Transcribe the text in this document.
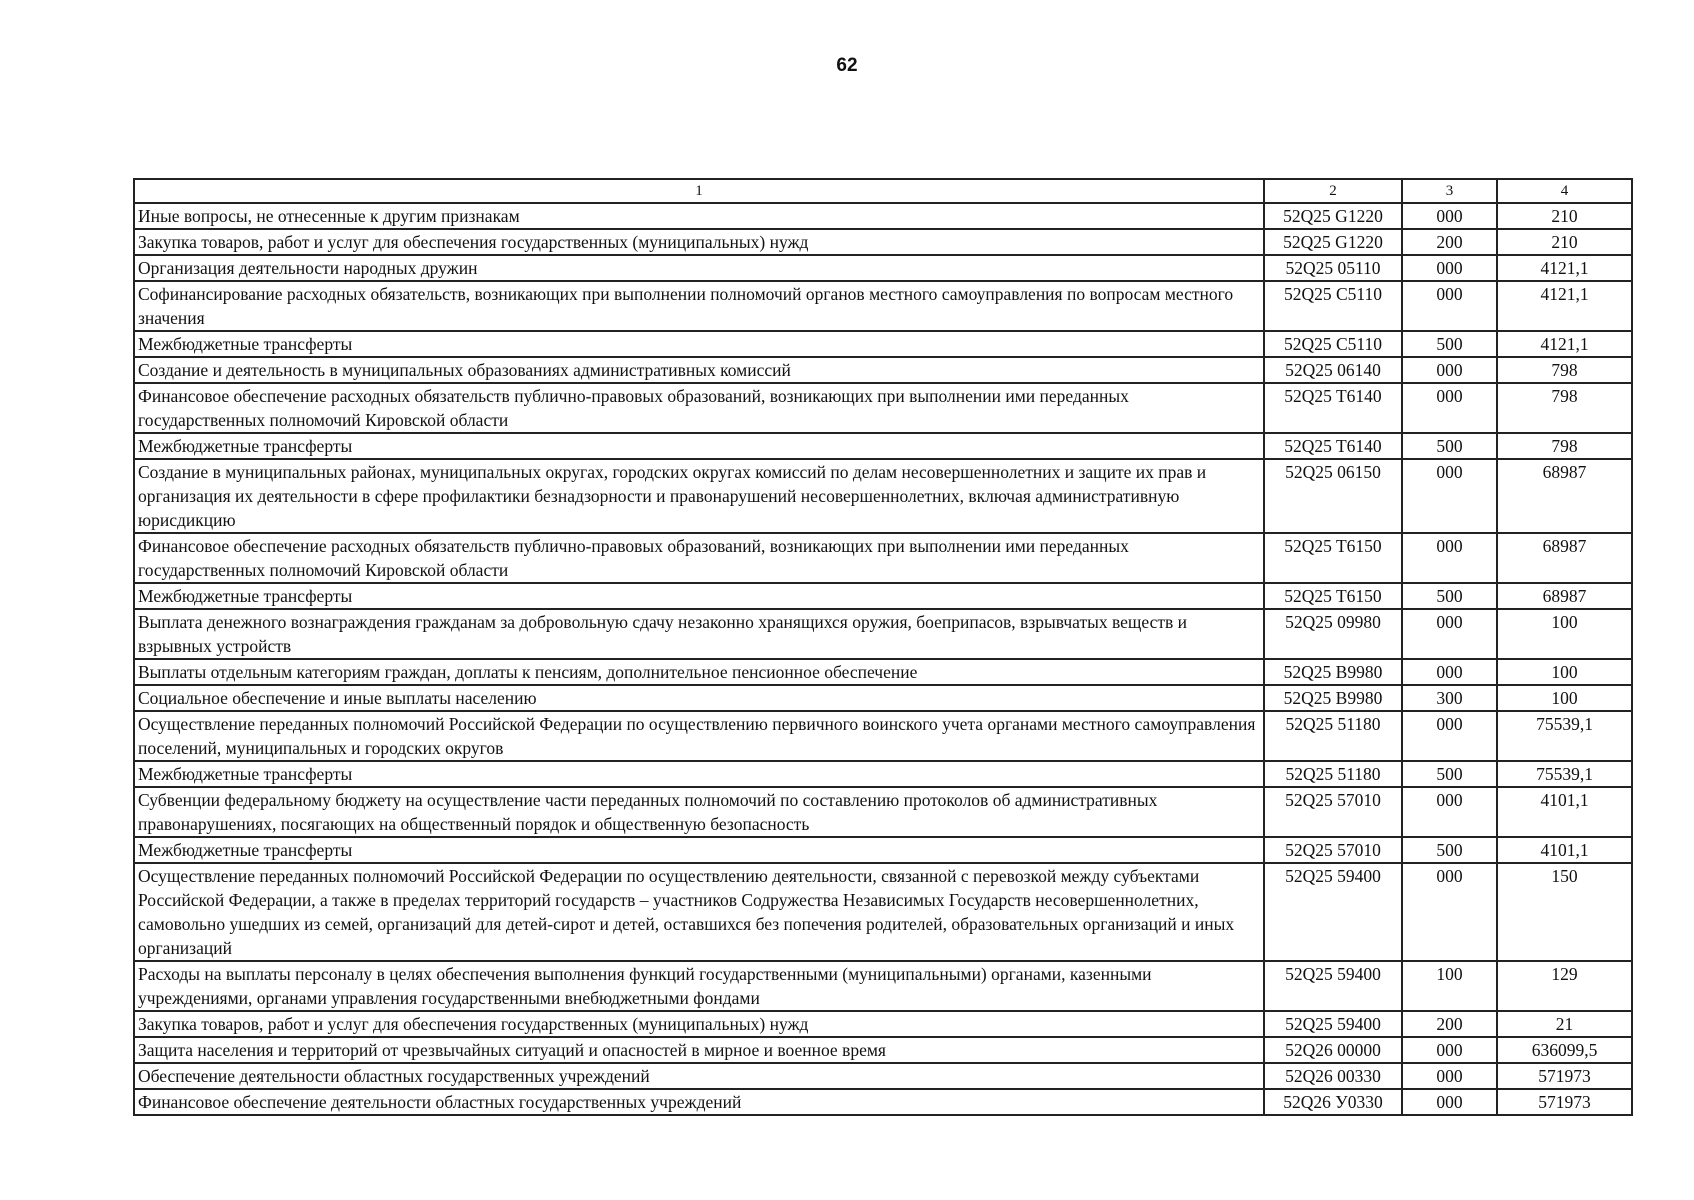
62
1	2	3	4
Иные вопросы, не отнесенные к другим признакам	52Q25 G1220	000	210
Закупка товаров, работ и услуг для обеспечения государственных (муниципальных) нужд	52Q25 G1220	200	210
Организация деятельности народных дружин	52Q25 05110	000	4121,1
Софинансирование расходных обязательств, возникающих при выполнении полномочий органов местного самоуправления по вопросам местного значения	52Q25 C5110	000	4121,1
Межбюджетные трансферты	52Q25 C5110	500	4121,1
Создание и деятельность в муниципальных образованиях административных комиссий	52Q25 06140	000	798
Финансовое обеспечение расходных обязательств публично-правовых образований, возникающих при выполнении ими переданных государственных полномочий Кировской области	52Q25 T6140	000	798
Межбюджетные трансферты	52Q25 T6140	500	798
Создание в муниципальных районах, муниципальных округах, городских округах комиссий по делам несовершеннолетних и защите их прав и организация их деятельности в сфере профилактики безнадзорности и правонарушений несовершеннолетних, включая административную юрисдикцию	52Q25 06150	000	68987
Финансовое обеспечение расходных обязательств публично-правовых образований, возникающих при выполнении ими переданных государственных полномочий Кировской области	52Q25 T6150	000	68987
Межбюджетные трансферты	52Q25 T6150	500	68987
Выплата денежного вознаграждения гражданам за добровольную сдачу незаконно хранящихся оружия, боеприпасов, взрывчатых веществ и взрывных устройств	52Q25 09980	000	100
Выплаты отдельным категориям граждан, доплаты к пенсиям, дополнительное пенсионное обеспечение	52Q25 B9980	000	100
Социальное обеспечение и иные выплаты населению	52Q25 B9980	300	100
Осуществление переданных полномочий Российской Федерации по осуществлению первичного воинского учета органами местного самоуправления поселений, муниципальных и городских округов	52Q25 51180	000	75539,1
Межбюджетные трансферты	52Q25 51180	500	75539,1
Субвенции федеральному бюджету на осуществление части переданных полномочий по составлению протоколов об административных правонарушениях, посягающих на общественный порядок и общественную безопасность	52Q25 57010	000	4101,1
Межбюджетные трансферты	52Q25 57010	500	4101,1
Осуществление переданных полномочий Российской Федерации по осуществлению деятельности, связанной с перевозкой между субъектами Российской Федерации, а также в пределах территорий государств – участников Содружества Независимых Государств несовершеннолетних, самовольно ушедших из семей, организаций для детей-сирот и детей, оставшихся без попечения родителей, образовательных организаций и иных организаций	52Q25 59400	000	150
Расходы на выплаты персоналу в целях обеспечения выполнения функций государственными (муниципальными) органами, казенными учреждениями, органами управления государственными внебюджетными фондами	52Q25 59400	100	129
Закупка товаров, работ и услуг для обеспечения государственных (муниципальных) нужд	52Q25 59400	200	21
Защита населения и территорий от чрезвычайных ситуаций и опасностей в мирное и военное время	52Q26 00000	000	636099,5
Обеспечение деятельности областных государственных учреждений	52Q26 00330	000	571973
Финансовое обеспечение деятельности областных государственных учреждений	52Q26 У0330	000	571973
